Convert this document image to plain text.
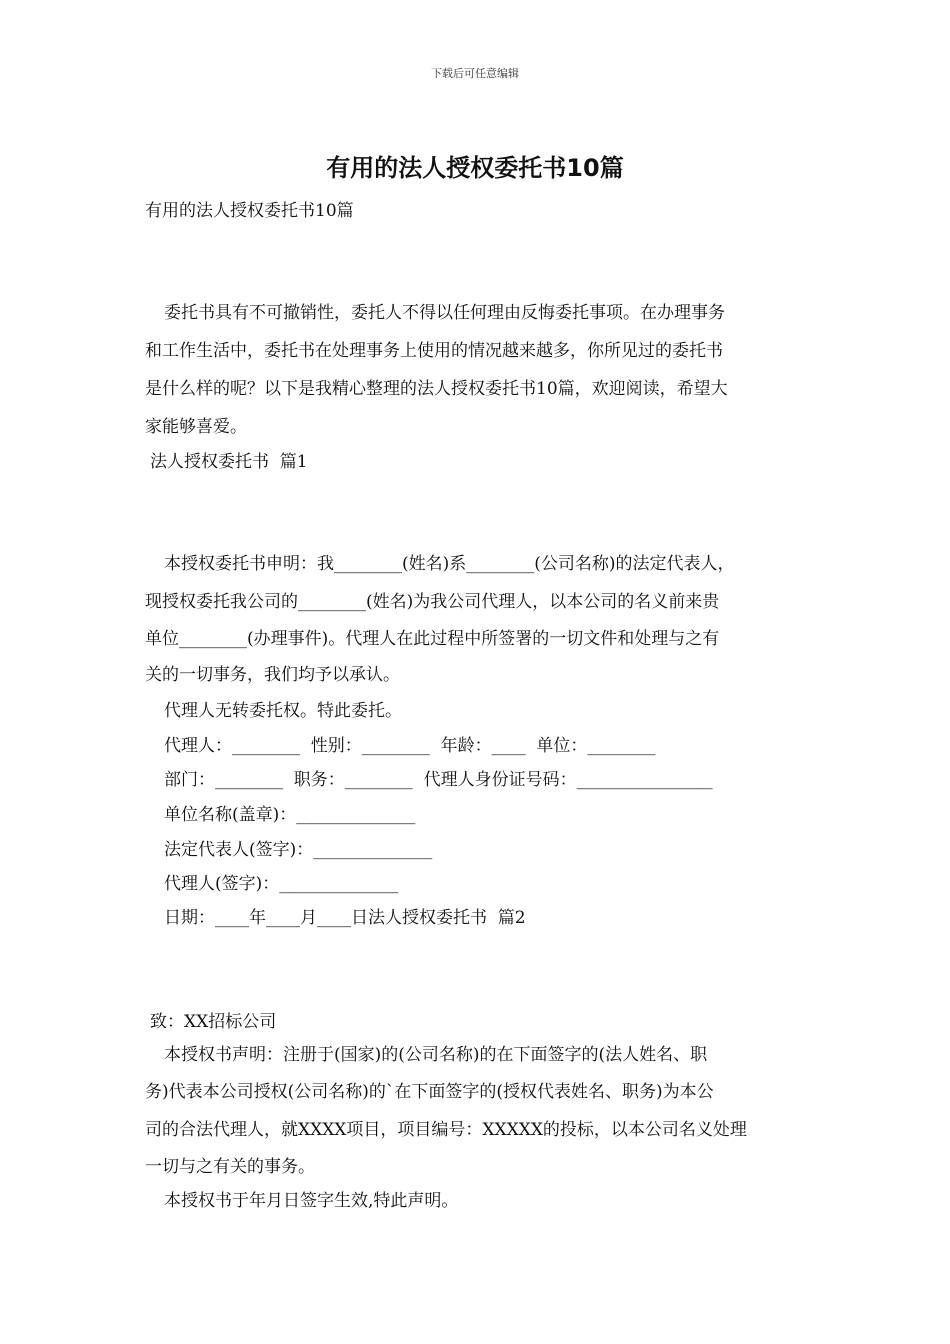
下载后可任意编辑
有用的法人授权委托书10篇
有用的法人授权委托书10篇
委托书具有不可撤销性，委托人不得以任何理由反悔委托事项。在办理事务
和工作生活中，委托书在处理事务上使用的情况越来越多，你所见过的委托书
是什么样的呢？以下是我精心整理的法人授权委托书10篇，欢迎阅读，希望大
家能够喜爱。
法人授权委托书  篇1
本授权委托书申明：我________(姓名)系________(公司名称)的法定代表人，
现授权委托我公司的________(姓名)为我公司代理人，以本公司的名义前来贵
单位________(办理事件)。代理人在此过程中所签署的一切文件和处理与之有
关的一切事务，我们均予以承认。
代理人无转委托权。特此委托。
代理人：________  性别：________  年龄：____  单位：________
部门：________  职务：________  代理人身份证号码：________________
单位名称(盖章)：______________
法定代表人(签字)：______________
代理人(签字)：______________
日期：____年____月____日法人授权委托书  篇2
致：XX招标公司
本授权书声明：注册于(国家)的(公司名称)的在下面签字的(法人姓名、职
务)代表本公司授权(公司名称)的`在下面签字的(授权代表姓名、职务)为本公
司的合法代理人，就XXXX项目，项目编号：XXXXX的投标，以本公司名义处理
一切与之有关的事务。
本授权书于年月日签字生效,特此声明。
